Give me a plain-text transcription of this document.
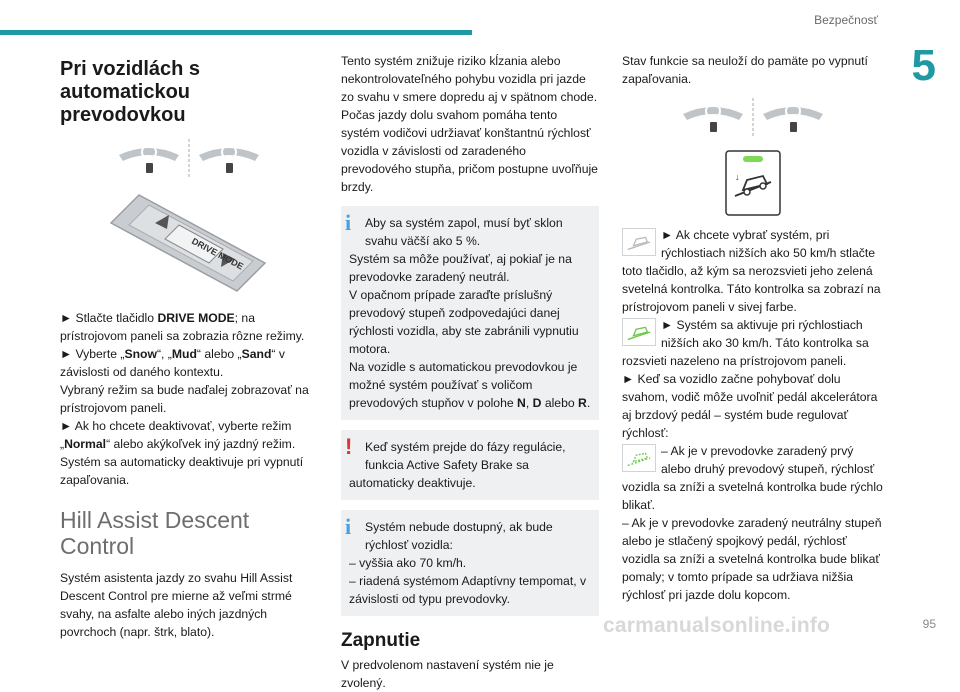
Bezpečnosť
5
Pri vozidlách s automatickou prevodovkou
DRIVE MODE
► Stlačte tlačidlo DRIVE MODE; na prístrojovom paneli sa zobrazia rôzne režimy.
► Vyberte „Snow“, „Mud“ alebo „Sand“ v závislosti od daného kontextu.
Vybraný režim sa bude naďalej zobrazovať na prístrojovom paneli.
► Ak ho chcete deaktivovať, vyberte režim „Normal“ alebo akýkoľvek iný jazdný režim.
Systém sa automaticky deaktivuje pri vypnutí zapaľovania.
Hill Assist Descent Control
Systém asistenta jazdy zo svahu Hill Assist Descent Control pre mierne až veľmi strmé svahy, na asfalte alebo iných jazdných povrchoch (napr. štrk, blato).
Tento systém znižuje riziko kĺzania alebo nekontrolovateľného pohybu vozidla pri jazde zo svahu v smere dopredu aj v spätnom chode. Počas jazdy dolu svahom pomáha tento systém vodičovi udržiavať konštantnú rýchlosť vozidla v závislosti od zaradeného prevodového stupňa, pričom postupne uvoľňuje brzdy.
i	Aby sa systém zapol, musí byť sklon svahu väčší ako 5 %.
Systém sa môže používať, aj pokiaľ je na prevodovke zaradený neutrál.
V opačnom prípade zaraďte príslušný prevodový stupeň zodpovedajúci danej rýchlosti vozidla, aby ste zabránili vypnutiu motora.
Na vozidle s automatickou prevodovkou je možné systém používať s voličom prevodových stupňov v polohe N, D alebo R.
!	Keď systém prejde do fázy regulácie, funkcia Active Safety Brake sa
automaticky deaktivuje.
i	Systém nebude dostupný, ak bude rýchlosť vozidla:
– vyššia ako 70 km/h.
– riadená systémom Adaptívny tempomat, v závislosti od typu prevodovky.
Zapnutie
V predvolenom nastavení systém nie je zvolený.
Stav funkcie sa neuloží do pamäte po vypnutí zapaľovania.
↓
► Ak chcete vybrať systém, pri rýchlostiach nižších ako 50 km/h stlačte toto tlačidlo, až kým sa nerozsvieti jeho zelená svetelná kontrolka. Táto kontrolka sa zobrazí na prístrojovom paneli v sivej farbe.
► Systém sa aktivuje pri rýchlostiach nižších ako 30 km/h. Táto kontrolka sa rozsvieti nazeleno na prístrojovom paneli.
► Keď sa vozidlo začne pohybovať dolu svahom, vodič môže uvoľniť pedál akcelerátora aj brzdový pedál – systém bude regulovať rýchlosť:
– Ak je v prevodovke zaradený prvý alebo druhý prevodový stupeň, rýchlosť vozidla sa zníži a svetelná kontrolka bude rýchlo blikať.
– Ak je v prevodovke zaradený neutrálny stupeň alebo je stlačený spojkový pedál, rýchlosť vozidla sa zníži a svetelná kontrolka bude blikať pomaly; v tomto prípade sa udržiava nižšia rýchlosť pri jazde dolu kopcom.
carmanualsonline.info	95
